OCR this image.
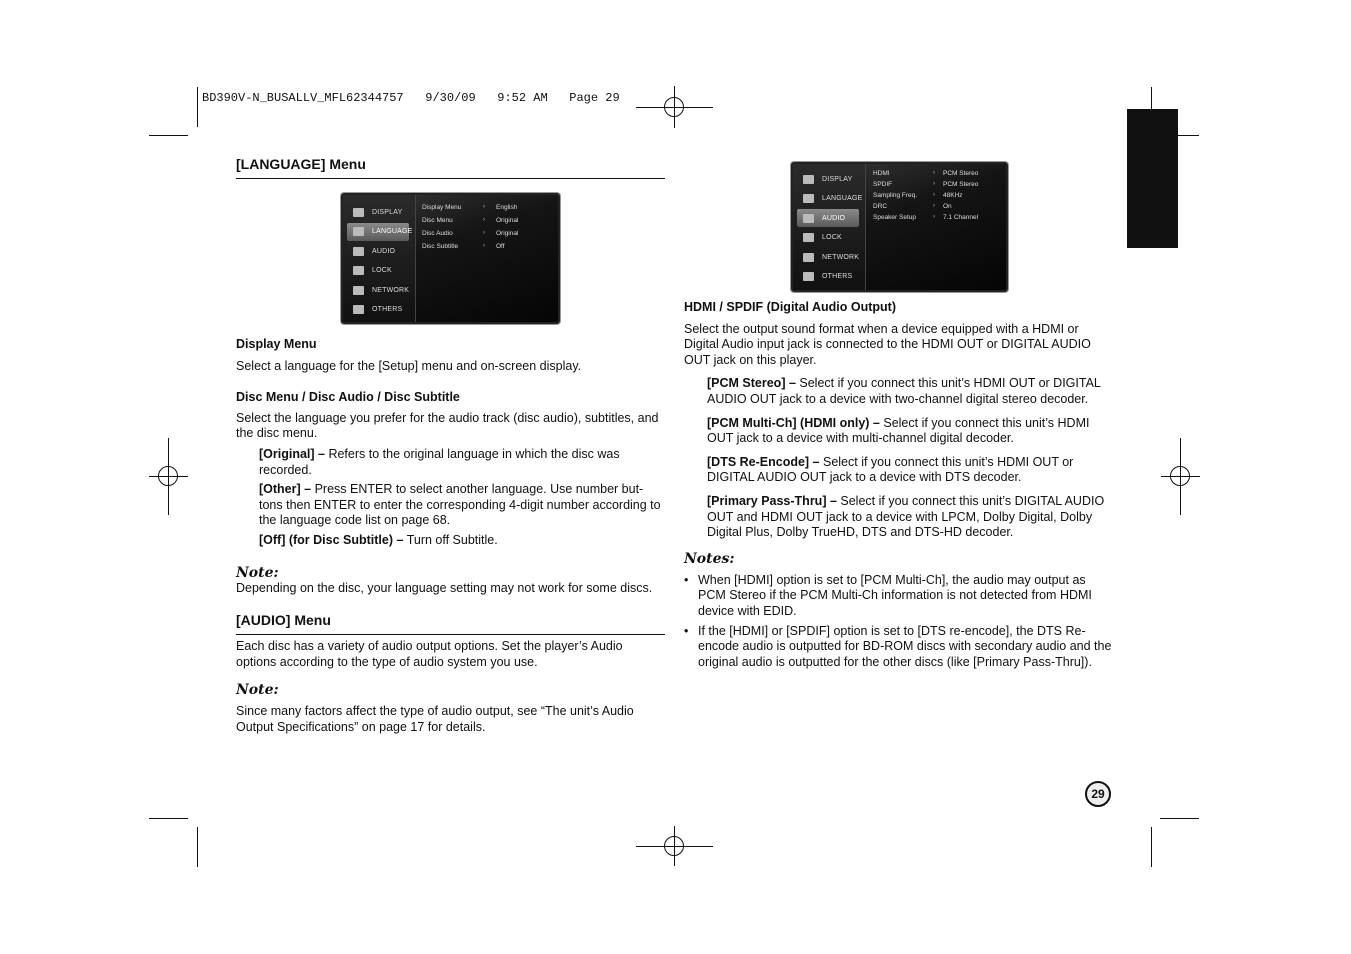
BD390V-N_BUSALLV_MFL62344757   9/30/09   9:52 AM   Page 29
[LANGUAGE] Menu
DISPLAY
LANGUAGE
AUDIO
LOCK
NETWORK
OTHERS
Display Menu	› English
Disc Menu	› Original
Disc Audio	› Original
Disc Subtitle	› Off

Display Menu

Select a language for the [Setup] menu and on-screen display.

Disc Menu / Disc Audio / Disc Subtitle

Select the language you prefer for the audio track (disc audio), subtitles, and the disc menu.

[Original] – Refers to the original language in which the disc was recorded.

[Other] – Press ENTER to select another language. Use number but-tons then ENTER to enter the corresponding 4-digit number according to the language code list on page 68.

[Off] (for Disc Subtitle) – Turn off Subtitle.

Note:

Depending on the disc, your language setting may not work for some discs.

[AUDIO] Menu

Each disc has a variety of audio output options. Set the player’s Audio options according to the type of audio system you use.

Note:

Since many factors affect the type of audio output, see “The unit’s Audio Output Specifications” on page 17 for details.

DISPLAY
LANGUAGE
AUDIO
LOCK
NETWORK
OTHERS
HDMI	› PCM Stereo
SPDIF	› PCM Stereo
Sampling Freq.	› 48KHz
DRC	› On
Speaker Setup	› 7.1 Channel

HDMI / SPDIF (Digital Audio Output)

Select the output sound format when a device equipped with a HDMI or Digital Audio input jack is connected to the HDMI OUT or DIGITAL AUDIO OUT jack on this player.

[PCM Stereo] – Select if you connect this unit’s HDMI OUT or DIGITAL AUDIO OUT jack to a device with two-channel digital stereo decoder.

[PCM Multi-Ch] (HDMI only) – Select if you connect this unit’s HDMI OUT jack to a device with multi-channel digital decoder.

[DTS Re-Encode] – Select if you connect this unit’s HDMI OUT or DIGITAL AUDIO OUT jack to a device with DTS decoder.

[Primary Pass-Thru] – Select if you connect this unit’s DIGITAL AUDIO OUT and HDMI OUT jack to a device with LPCM, Dolby Digital, Dolby Digital Plus, Dolby TrueHD, DTS and DTS-HD decoder.

Notes:
• When [HDMI] option is set to [PCM Multi-Ch], the audio may output as PCM Stereo if the PCM Multi-Ch information is not detected from HDMI device with EDID.
• If the [HDMI] or [SPDIF] option is set to [DTS re-encode], the DTS Re-encode audio is outputted for BD-ROM discs with secondary audio and the original audio is outputted for the other discs (like [Primary Pass-Thru]).
29
